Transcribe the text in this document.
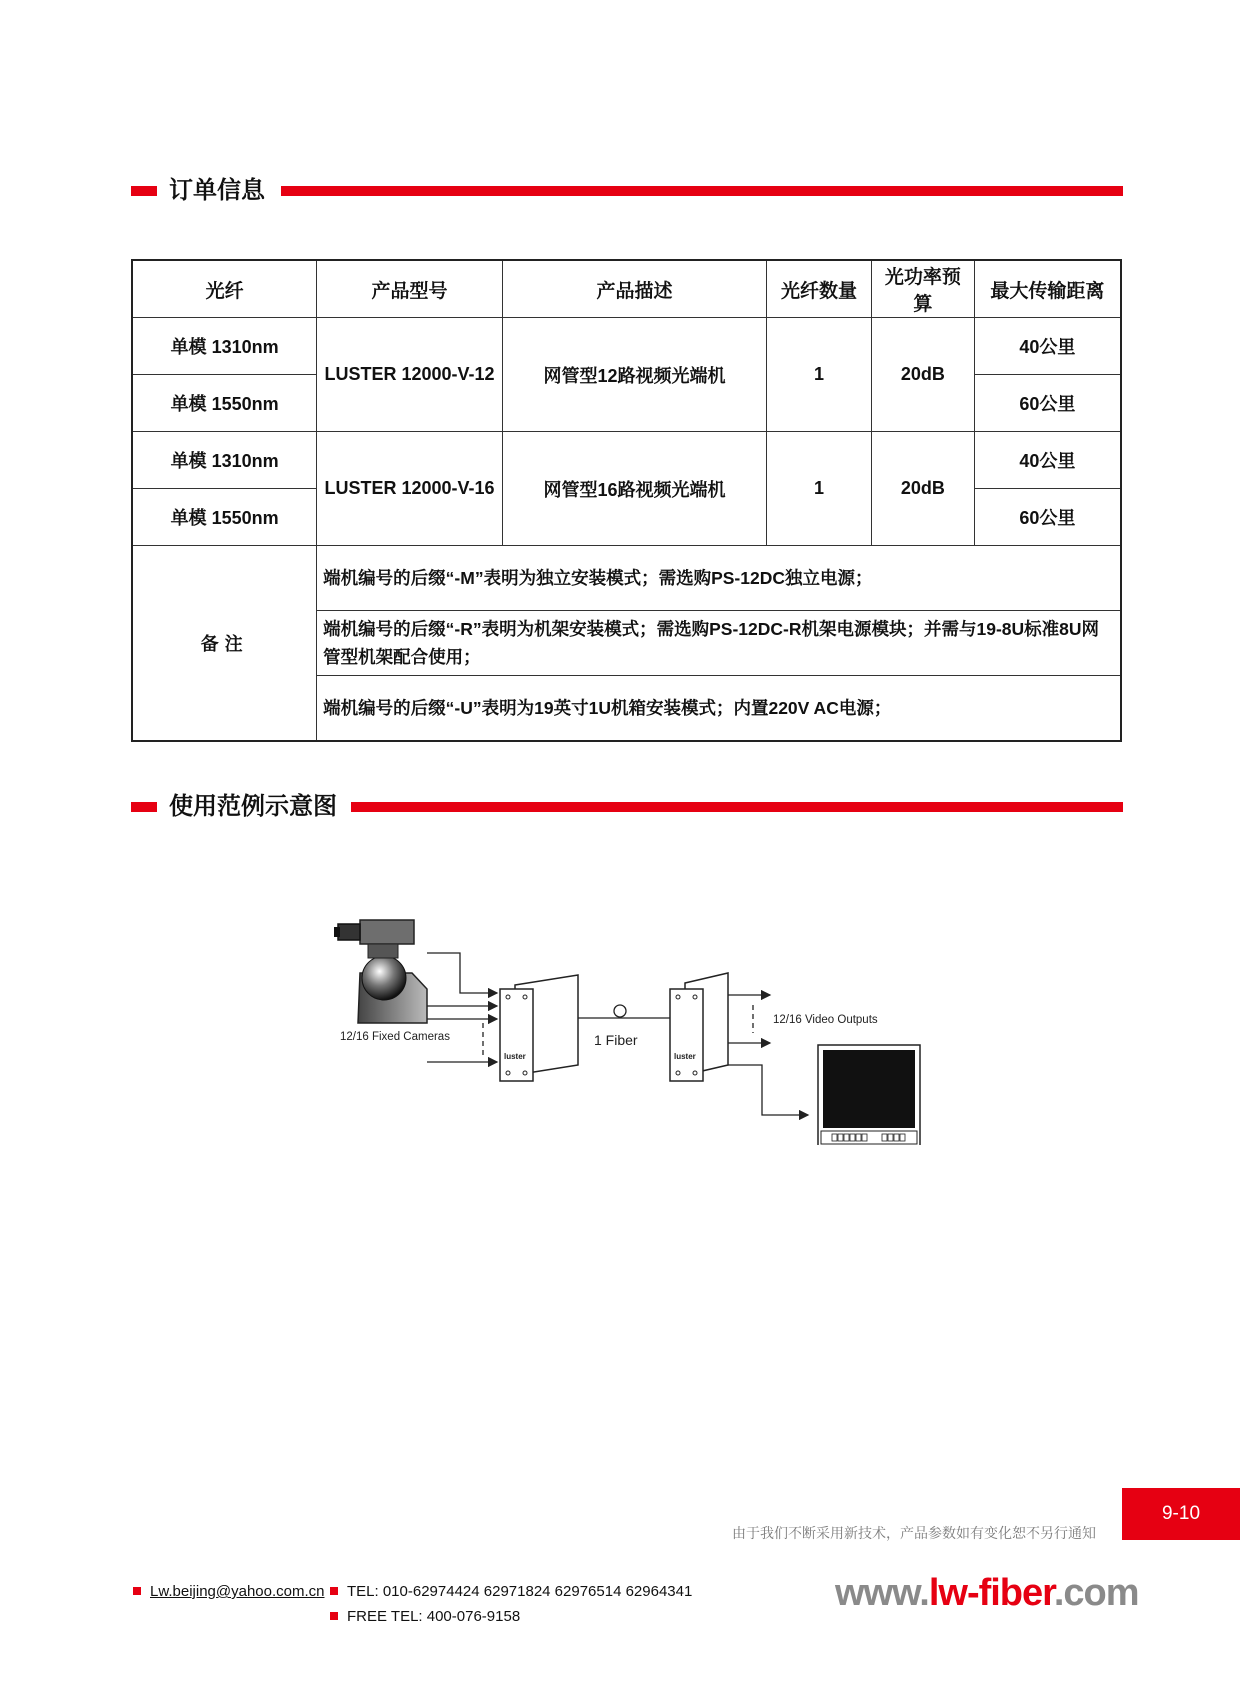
订单信息
光纤	产品型号	产品描述	光纤数量	光功率预算	最大传输距离
单模 1310nm	LUSTER 12000-V-12	网管型12路视频光端机	1	20dB	40公里
单模 1550nm					60公里
单模 1310nm	LUSTER 12000-V-16	网管型16路视频光端机	1	20dB	40公里
单模 1550nm					60公里
备注	端机编号的后缀“-M”表明为独立安装模式；需选购PS-12DC独立电源；				
	端机编号的后缀“-R”表明为机架安装模式；需选购PS-12DC-R机架电源模块；并需与19-8U标准8U网管型机架配合使用；				
	端机编号的后缀“-U”表明为19英寸1U机箱安装模式；内置220V AC电源；				
使用范例示意图
12/16 Fixed Cameras
luster
1 Fiber
luster
12/16 Video Outputs
9-10
由于我们不断采用新技术，产品参数如有变化恕不另行通知
Lw.beijing@yahoo.com.cn	TEL: 010-62974424 62971824 62976514 62964341
FREE TEL: 400-076-9158
www.lw-fiber.com
